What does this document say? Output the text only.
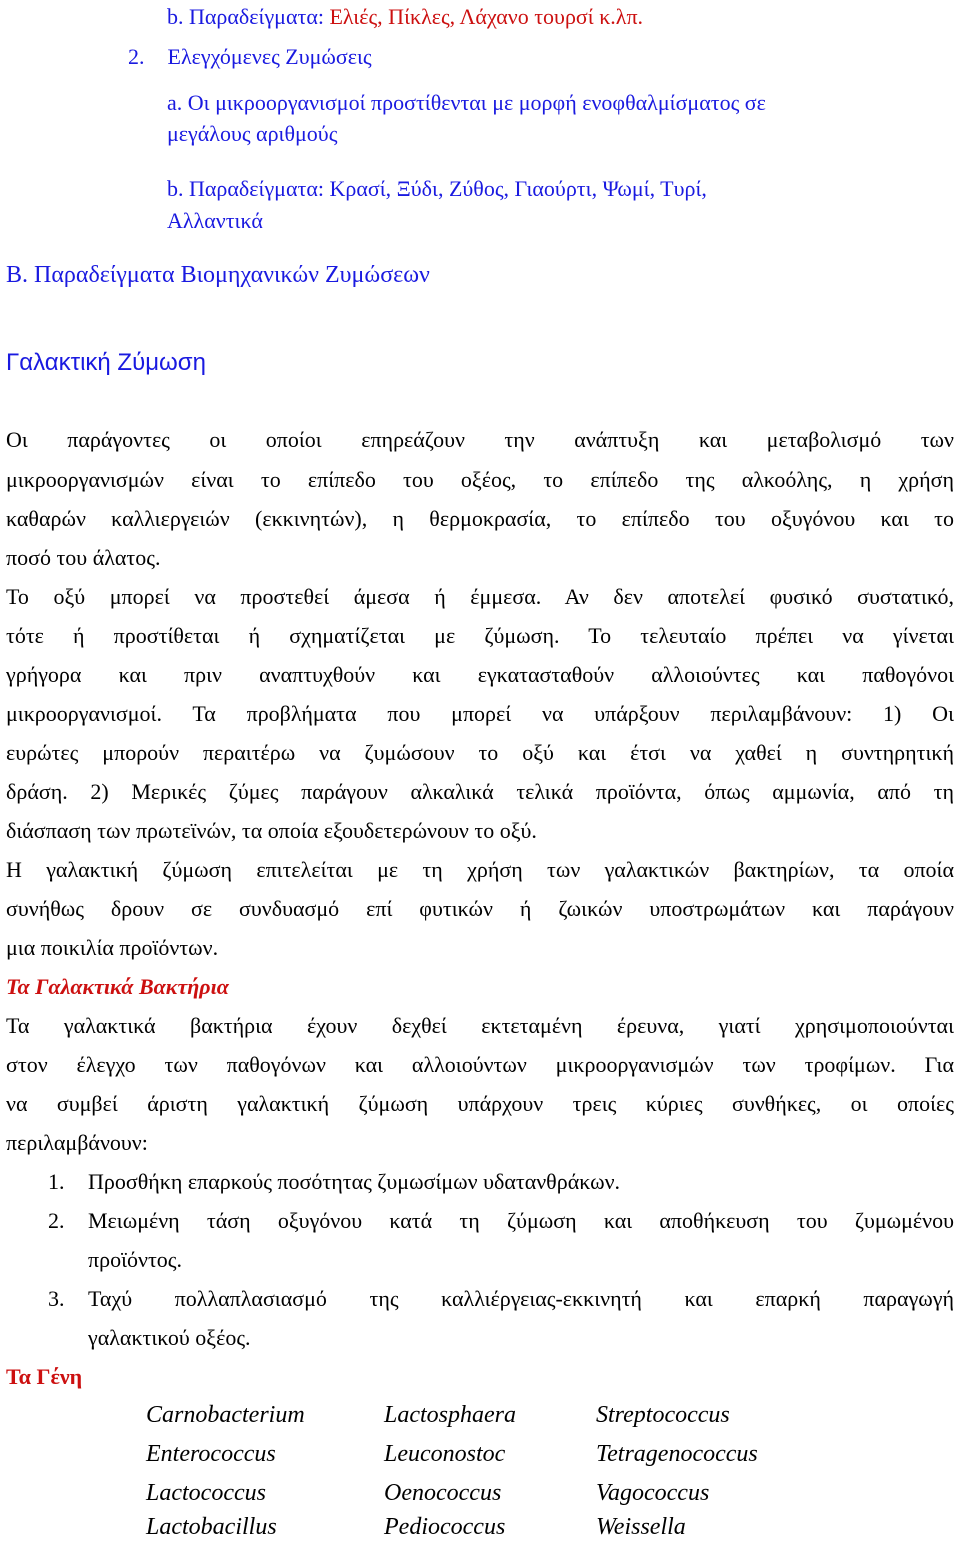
b. Παραδείγματα: Ελιές, Πίκλες, Λάχανο τουρσί κ.λπ.
2. Ελεγχόμενες Ζυμώσεις
a. Οι μικροοργανισμοί προστίθενται με μορφή ενοφθαλμίσματος σε
μεγάλους αριθμούς
b. Παραδείγματα: Κρασί, Ξύδι, Ζύθος, Γιαούρτι, Ψωμί, Τυρί,
Αλλαντικά
B. Παραδείγματα Βιομηχανικών Ζυμώσεων
Γαλακτική Ζύμωση
Οι παράγοντες οι οποίοι επηρεάζουν την ανάπτυξη και μεταβολισμό των
μικροοργανισμών είναι το επίπεδο του οξέος, το επίπεδο της αλκοόλης, η χρήση
καθαρών καλλιεργειών (εκκινητών), η θερμοκρασία, το επίπεδο του οξυγόνου και το
ποσό του άλατος.
Το οξύ μπορεί να προστεθεί άμεσα ή έμμεσα. Αν δεν αποτελεί φυσικό συστατικό,
τότε ή προστίθεται ή σχηματίζεται με ζύμωση. Το τελευταίο πρέπει να γίνεται
γρήγορα και πριν αναπτυχθούν και εγκατασταθούν αλλοιούντες και παθογόνοι
μικροοργανισμοί. Τα προβλήματα που μπορεί να υπάρξουν περιλαμβάνουν: 1) Οι
ευρώτες μπορούν περαιτέρω να ζυμώσουν το οξύ και έτσι να χαθεί η συντηρητική
δράση. 2) Μερικές ζύμες παράγουν αλκαλικά τελικά προϊόντα, όπως αμμωνία, από τη
διάσπαση των πρωτεϊνών, τα οποία εξουδετερώνουν το οξύ.
Η γαλακτική ζύμωση επιτελείται με τη χρήση των γαλακτικών βακτηρίων, τα οποία
συνήθως δρουν σε συνδυασμό επί φυτικών ή ζωικών υποστρωμάτων και παράγουν
μια ποικιλία προϊόντων.
Τα Γαλακτικά Βακτήρια
Τα γαλακτικά βακτήρια έχουν δεχθεί εκτεταμένη έρευνα, γιατί χρησιμοποιούνται
στον έλεγχο των παθογόνων και αλλοιούντων μικροοργανισμών των τροφίμων. Για
να συμβεί άριστη γαλακτική ζύμωση υπάρχουν τρεις κύριες συνθήκες, οι οποίες
περιλαμβάνουν:
1. Προσθήκη επαρκούς ποσότητας ζυμωσίμων υδατανθράκων.
2. Μειωμένη τάση οξυγόνου κατά τη ζύμωση και αποθήκευση του ζυμωμένου
προϊόντος.
3. Ταχύ πολλαπλασιασμό της καλλιέργειας-εκκινητή και επαρκή παραγωγή
γαλακτικού οξέος.
Τα Γένη
Carnobacterium	Lactosphaera	Streptococcus
Enterococcus	Leuconostoc	Tetragenococcus
Lactococcus	Oenococcus	Vagococcus
Lactobacillus	Pediococcus	Weissella
